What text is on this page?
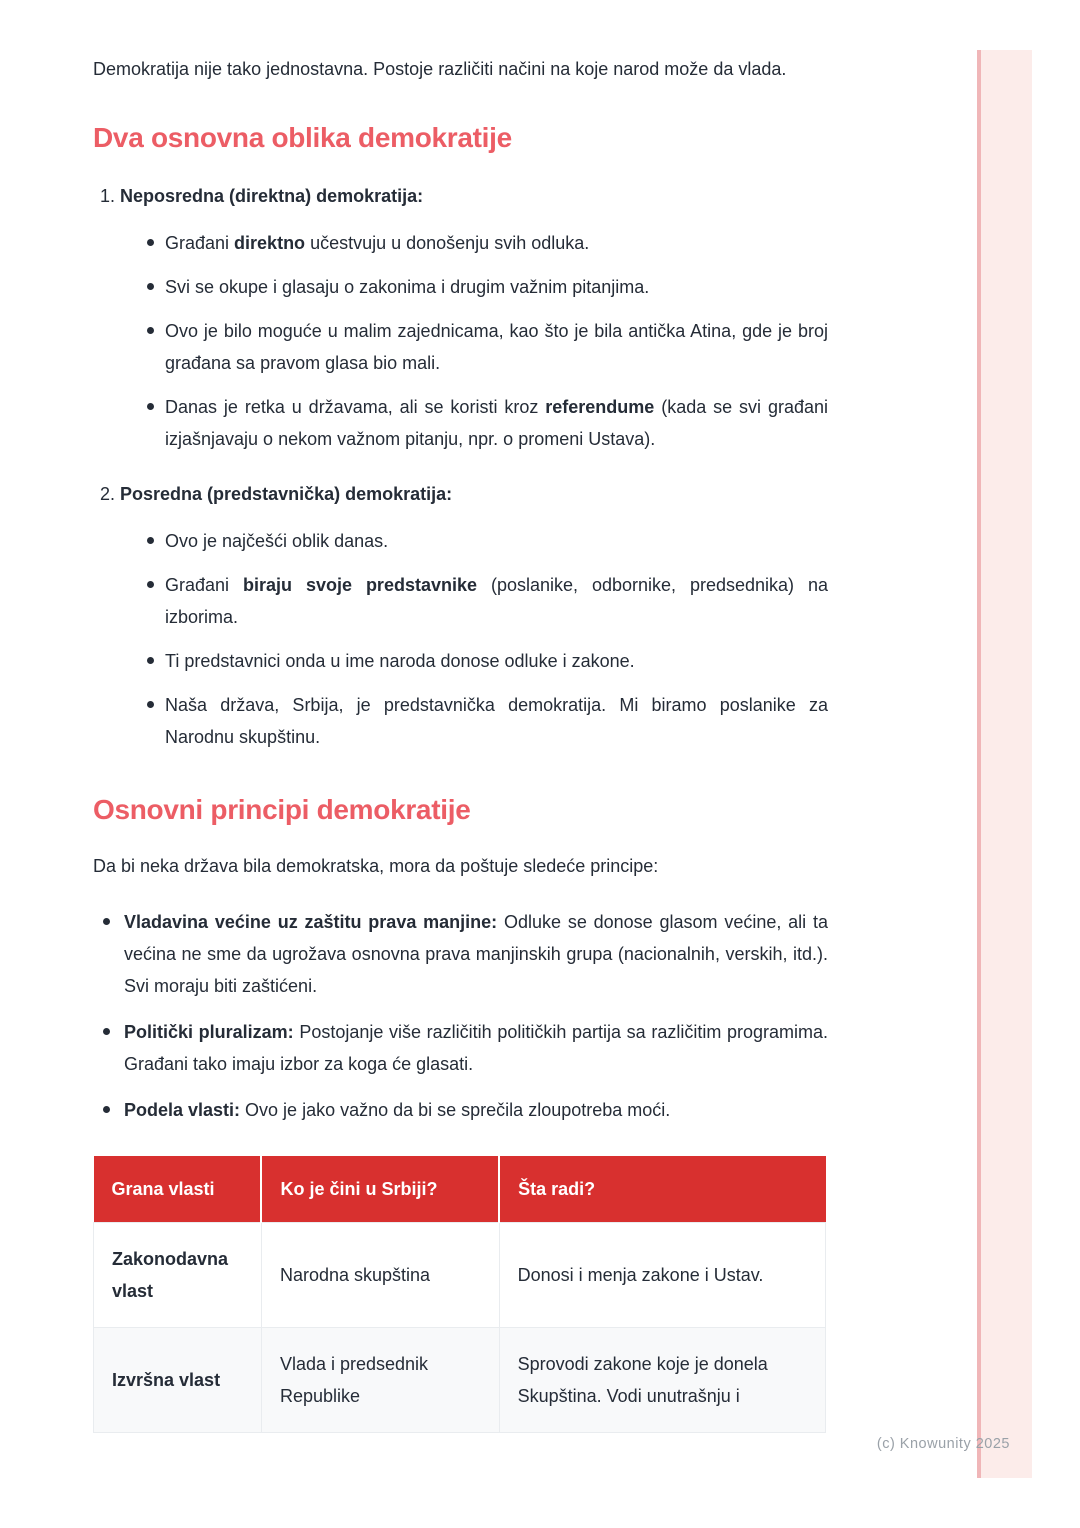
(c) Knowunity 2025

Demokratija nije tako jednostavna. Postoje različiti načini na koje narod može da vlada.

Dva osnovna oblika demokratije
1. Neposredna (direktna) demokratija:
Građani direktno učestvuju u donošenju svih odluka.
Svi se okupe i glasaju o zakonima i drugim važnim pitanjima.
Ovo je bilo moguće u malim zajednicama, kao što je bila antička Atina, gde je broj građana sa pravom glasa bio mali.
Danas je retka u državama, ali se koristi kroz referendume (kada se svi građani izjašnjavaju o nekom važnom pitanju, npr. o promeni Ustava).
2. Posredna (predstavnička) demokratija:
Ovo je najčešći oblik danas.
Građani biraju svoje predstavnike (poslanike, odbornike, predsednika) na izborima.
Ti predstavnici onda u ime naroda donose odluke i zakone.
Naša država, Srbija, je predstavnička demokratija. Mi biramo poslanike za Narodnu skupštinu.
Osnovni principi demokratije

Da bi neka država bila demokratska, mora da poštuje sledeće principe:

Vladavina većine uz zaštitu prava manjine: Odluke se donose glasom većine, ali ta većina ne sme da ugrožava osnovna prava manjinskih grupa (nacionalnih, verskih, itd.). Svi moraju biti zaštićeni.
Politički pluralizam: Postojanje više različitih političkih partija sa različitim programima. Građani tako imaju izbor za koga će glasati.
Podela vlasti: Ovo je jako važno da bi se sprečila zloupotreba moći.
Grana vlasti	Ko je čini u Srbiji?	Šta radi?
Zakonodavna vlast	Narodna skupština	Donosi i menja zakone i Ustav.
Izvršna vlast	Vlada i predsednik Republike	Sprovodi zakone koje je donela Skupština. Vodi unutrašnju i
